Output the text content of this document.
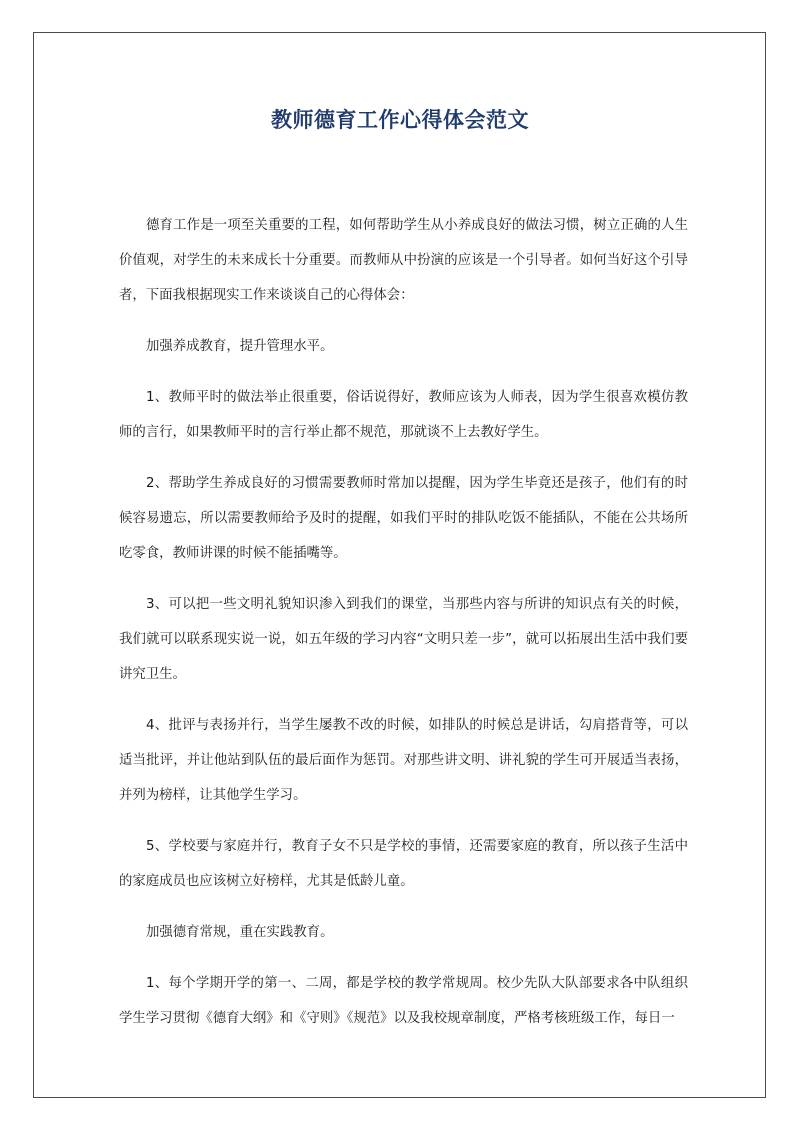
教师德育工作心得体会范文

德育工作是一项至关重要的工程，如何帮助学生从小养成良好的做法习惯，树立正确的人生价值观，对学生的未来成长十分重要。而教师从中扮演的应该是一个引导者。如何当好这个引导者，下面我根据现实工作来谈谈自己的心得体会：

加强养成教育，提升管理水平。

1、教师平时的做法举止很重要，俗话说得好，教师应该为人师表，因为学生很喜欢模仿教师的言行，如果教师平时的言行举止都不规范，那就谈不上去教好学生。

2、帮助学生养成良好的习惯需要教师时常加以提醒，因为学生毕竟还是孩子，他们有的时候容易遗忘，所以需要教师给予及时的提醒，如我们平时的排队吃饭不能插队，不能在公共场所吃零食，教师讲课的时候不能插嘴等。

3、可以把一些文明礼貌知识渗入到我们的课堂，当那些内容与所讲的知识点有关的时候，我们就可以联系现实说一说，如五年级的学习内容“文明只差一步”，就可以拓展出生活中我们要讲究卫生。

4、批评与表扬并行，当学生屡教不改的时候，如排队的时候总是讲话，勾肩搭背等，可以适当批评，并让他站到队伍的最后面作为惩罚。对那些讲文明、讲礼貌的学生可开展适当表扬，并列为榜样，让其他学生学习。

5、学校要与家庭并行，教育子女不只是学校的事情，还需要家庭的教育，所以孩子生活中的家庭成员也应该树立好榜样，尤其是低龄儿童。

加强德育常规，重在实践教育。

1、每个学期开学的第一、二周，都是学校的教学常规周。校少先队大队部要求各中队组织学生学习贯彻《德育大纲》和《守则》《规范》以及我校规章制度，严格考核班级工作，每日一
